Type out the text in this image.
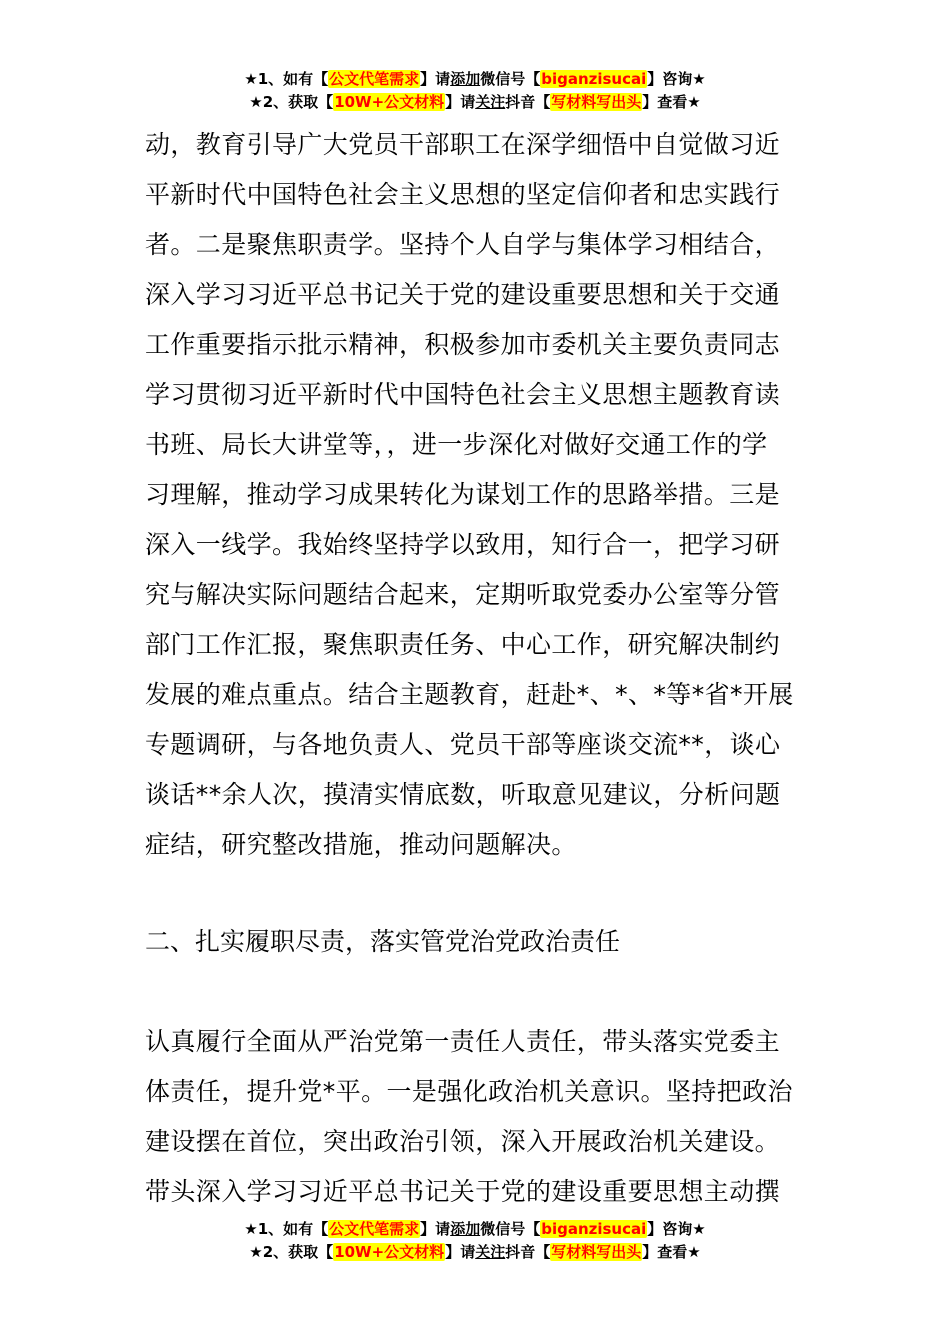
★1、如有【公文代笔需求】请添加微信号【biganzisucai】咨询★
★2、获取【10W+公文材料】请关注抖音【写材料写出头】查看★
动，教育引导广大党员干部职工在深学细悟中自觉做习近
平新时代中国特色社会主义思想的坚定信仰者和忠实践行
者。二是聚焦职责学。坚持个人自学与集体学习相结合，
深入学习习近平总书记关于党的建设重要思想和关于交通
工作重要指示批示精神，积极参加市委机关主要负责同志
学习贯彻习近平新时代中国特色社会主义思想主题教育读
书班、局长大讲堂等，，进一步深化对做好交通工作的学
习理解，推动学习成果转化为谋划工作的思路举措。三是
深入一线学。我始终坚持学以致用，知行合一，把学习研
究与解决实际问题结合起来，定期听取党委办公室等分管
部门工作汇报，聚焦职责任务、中心工作，研究解决制约
发展的难点重点。结合主题教育，赶赴*、*、*等*省*开展
专题调研，与各地负责人、党员干部等座谈交流**，谈心
谈话**余人次，摸清实情底数，听取意见建议，分析问题
症结，研究整改措施，推动问题解决。
二、扎实履职尽责，落实管党治党政治责任
认真履行全面从严治党第一责任人责任，带头落实党委主
体责任，提升党*平。一是强化政治机关意识。坚持把政治
建设摆在首位，突出政治引领，深入开展政治机关建设。
带头深入学习习近平总书记关于党的建设重要思想主动撰
★1、如有【公文代笔需求】请添加微信号【biganzisucai】咨询★
★2、获取【10W+公文材料】请关注抖音【写材料写出头】查看★
